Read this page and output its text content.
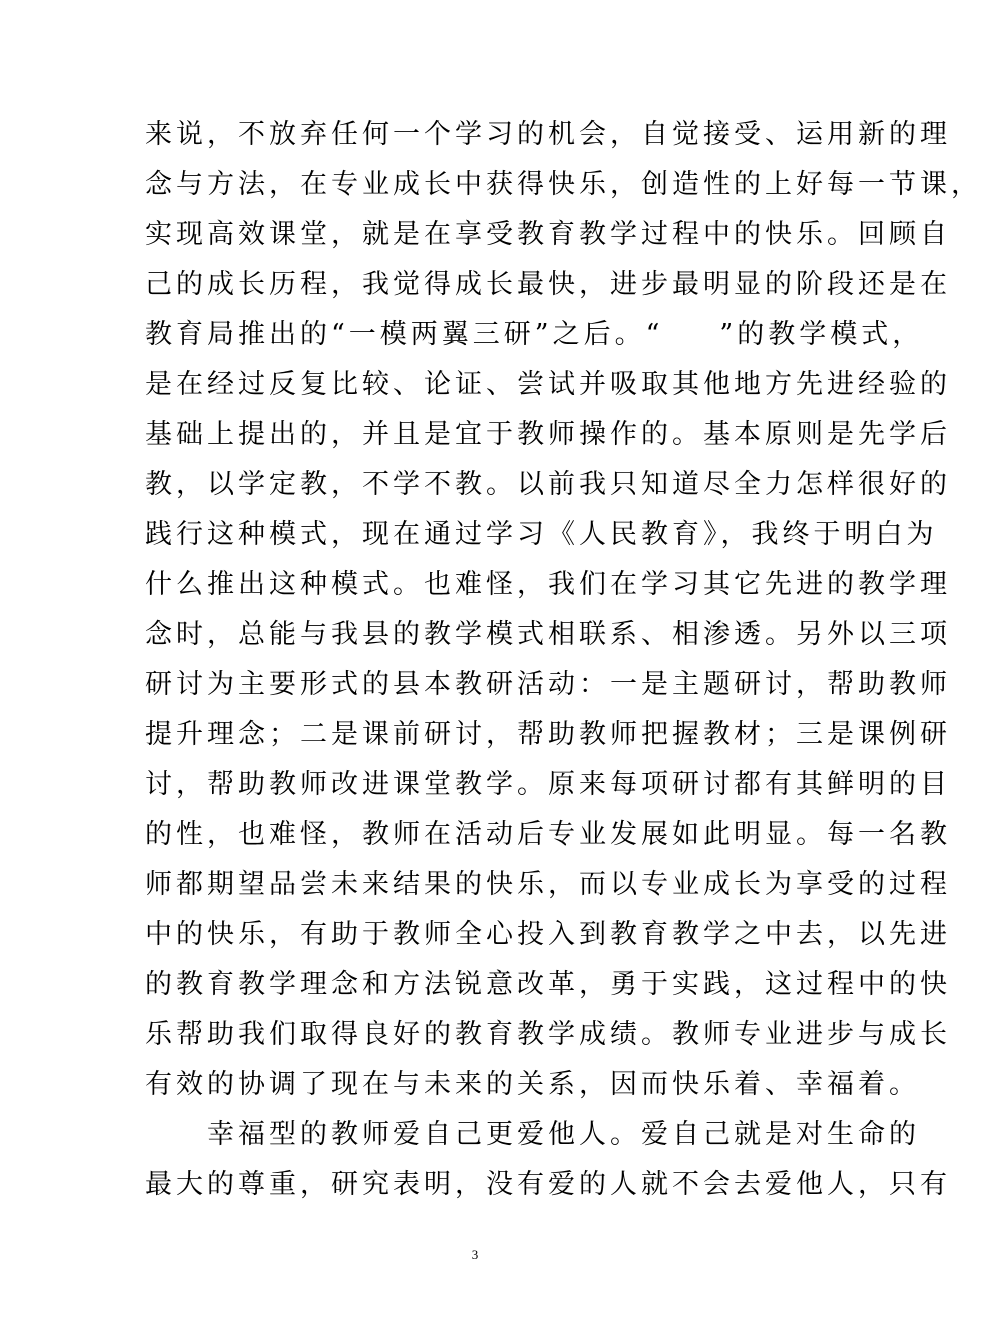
来说，不放弃任何一个学习的机会，自觉接受、运用新的理
念与方法，在专业成长中获得快乐，创造性的上好每一节课，
实现高效课堂，就是在享受教育教学过程中的快乐。回顾自
己的成长历程，我觉得成长最快，进步最明显的阶段还是在
教育局推出的“一模两翼三研”之后。“ ”的教学模式，
是在经过反复比较、论证、尝试并吸取其他地方先进经验的
基础上提出的，并且是宜于教师操作的。基本原则是先学后
教，以学定教，不学不教。以前我只知道尽全力怎样很好的
践行这种模式，现在通过学习《人民教育》，我终于明白为
什么推出这种模式。也难怪，我们在学习其它先进的教学理
念时，总能与我县的教学模式相联系、相渗透。另外以三项
研讨为主要形式的县本教研活动：一是主题研讨，帮助教师
提升理念；二是课前研讨，帮助教师把握教材；三是课例研
讨，帮助教师改进课堂教学。原来每项研讨都有其鲜明的目
的性，也难怪，教师在活动后专业发展如此明显。每一名教
师都期望品尝未来结果的快乐，而以专业成长为享受的过程
中的快乐，有助于教师全心投入到教育教学之中去，以先进
的教育教学理念和方法锐意改革，勇于实践，这过程中的快
乐帮助我们取得良好的教育教学成绩。教师专业进步与成长
有效的协调了现在与未来的关系，因而快乐着、幸福着。
幸福型的教师爱自己更爱他人。爱自己就是对生命的
最大的尊重，研究表明，没有爱的人就不会去爱他人，只有
3
